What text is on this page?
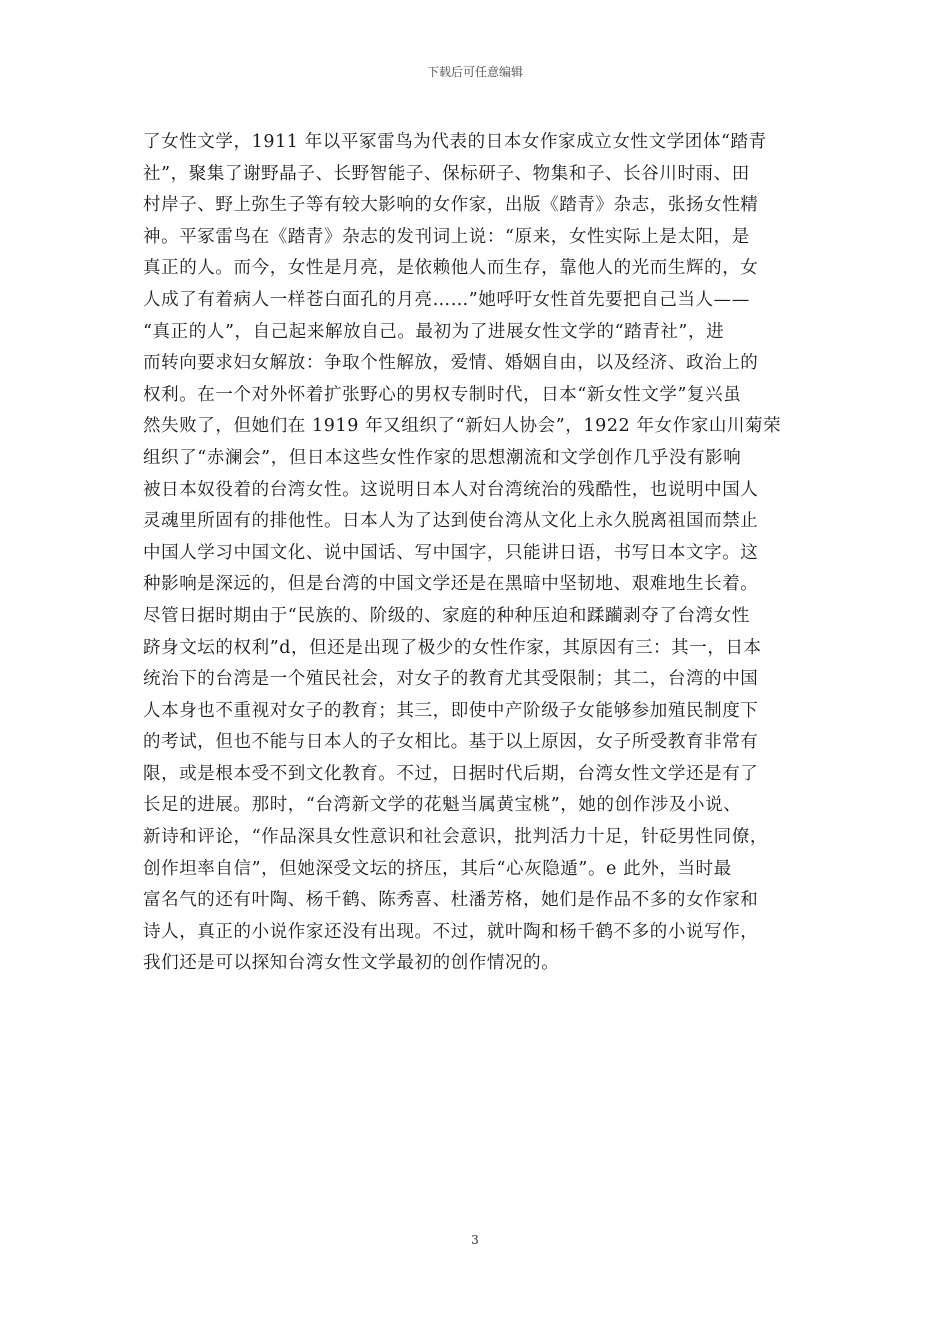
下载后可任意编辑
了女性文学，1911 年以平冢雷鸟为代表的日本女作家成立女性文学团体“踏青
社”，聚集了谢野晶子、长野智能子、保标研子、物集和子、长谷川时雨、田
村岸子、野上弥生子等有较大影响的女作家，出版《踏青》杂志，张扬女性精
神。平冢雷鸟在《踏青》杂志的发刊词上说：“原来，女性实际上是太阳，是
真正的人。而今，女性是月亮，是依赖他人而生存，靠他人的光而生辉的，女
人成了有着病人一样苍白面孔的月亮……”她呼吁女性首先要把自己当人——
“真正的人”，自己起来解放自己。最初为了进展女性文学的“踏青社”，进
而转向要求妇女解放：争取个性解放，爱情、婚姻自由，以及经济、政治上的
权利。在一个对外怀着扩张野心的男权专制时代，日本“新女性文学”复兴虽
然失败了，但她们在 1919 年又组织了“新妇人协会”，1922 年女作家山川菊荣
组织了“赤澜会”，但日本这些女性作家的思想潮流和文学创作几乎没有影响
被日本奴役着的台湾女性。这说明日本人对台湾统治的残酷性，也说明中国人
灵魂里所固有的排他性。日本人为了达到使台湾从文化上永久脱离祖国而禁止
中国人学习中国文化、说中国话、写中国字，只能讲日语，书写日本文字。这
种影响是深远的，但是台湾的中国文学还是在黑暗中坚韧地、艰难地生长着。
尽管日据时期由于“民族的、阶级的、家庭的种种压迫和蹂躏剥夺了台湾女性
跻身文坛的权利”d，但还是出现了极少的女性作家，其原因有三：其一，日本
统治下的台湾是一个殖民社会，对女子的教育尤其受限制；其二，台湾的中国
人本身也不重视对女子的教育；其三，即使中产阶级子女能够参加殖民制度下
的考试，但也不能与日本人的子女相比。基于以上原因，女子所受教育非常有
限，或是根本受不到文化教育。不过，日据时代后期，台湾女性文学还是有了
长足的进展。那时，“台湾新文学的花魁当属黄宝桃”，她的创作涉及小说、
新诗和评论，“作品深具女性意识和社会意识，批判活力十足，针砭男性同僚，
创作坦率自信”，但她深受文坛的挤压，其后“心灰隐遁”。e 此外，当时最
富名气的还有叶陶、杨千鹤、陈秀喜、杜潘芳格，她们是作品不多的女作家和
诗人，真正的小说作家还没有出现。不过，就叶陶和杨千鹤不多的小说写作，
我们还是可以探知台湾女性文学最初的创作情况的。
3
